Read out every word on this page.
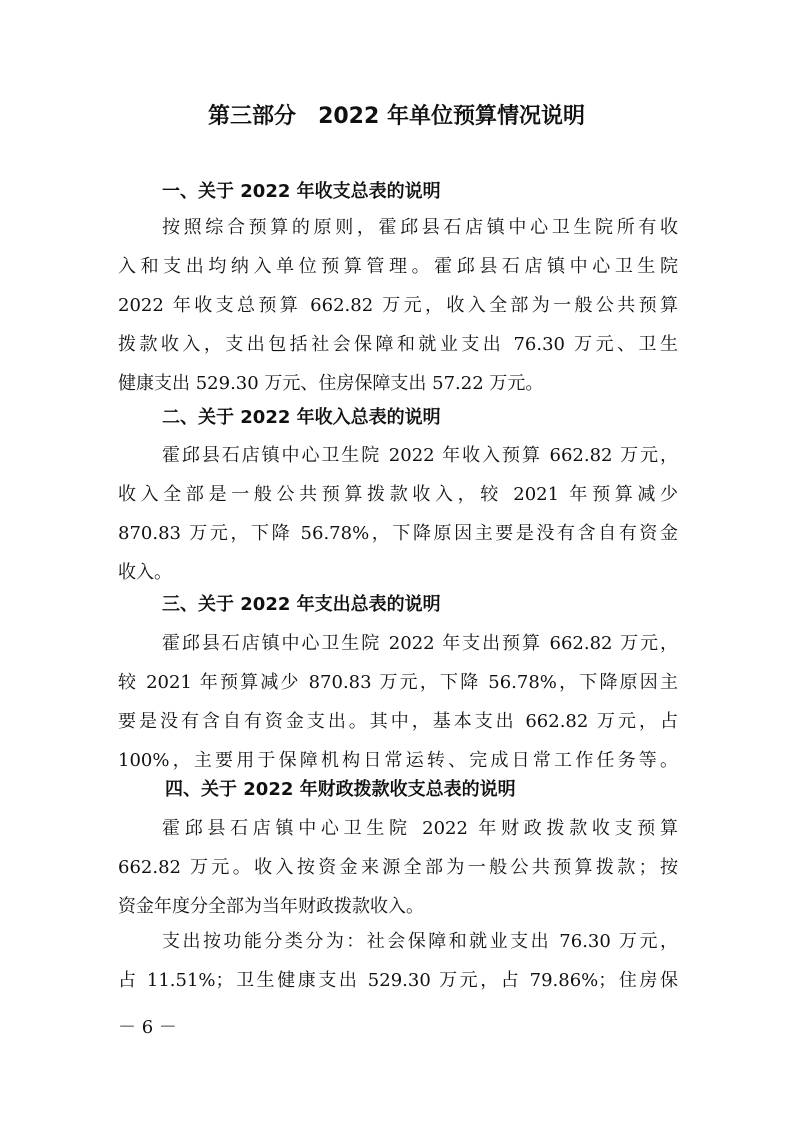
第三部分 2022 年单位预算情况说明
一、关于 2022 年收支总表的说明
按照综合预算的原则，霍邱县石店镇中心卫生院所有收
入和支出均纳入单位预算管理。霍邱县石店镇中心卫生院
2022 年收支总预算 662.82 万元，收入全部为一般公共预算
拨款收入，支出包括社会保障和就业支出 76.30 万元、卫生
健康支出 529.30 万元、住房保障支出 57.22 万元。
二、关于 2022 年收入总表的说明
霍邱县石店镇中心卫生院 2022 年收入预算 662.82 万元，
收入全部是一般公共预算拨款收入，较 2021 年预算减少
870.83 万元，下降 56.78%，下降原因主要是没有含自有资金
收入。
三、关于 2022 年支出总表的说明
霍邱县石店镇中心卫生院 2022 年支出预算 662.82 万元，
较 2021 年预算减少 870.83 万元，下降 56.78%，下降原因主
要是没有含自有资金支出。其中，基本支出 662.82 万元，占
100%，主要用于保障机构日常运转、完成日常工作任务等。
四、关于 2022 年财政拨款收支总表的说明
霍邱县石店镇中心卫生院 2022 年财政拨款收支预算
662.82 万元。收入按资金来源全部为一般公共预算拨款；按
资金年度分全部为当年财政拨款收入。
支出按功能分类分为：社会保障和就业支出 76.30 万元，
占 11.51%；卫生健康支出 529.30 万元，占 79.86%；住房保
－ 6 －
